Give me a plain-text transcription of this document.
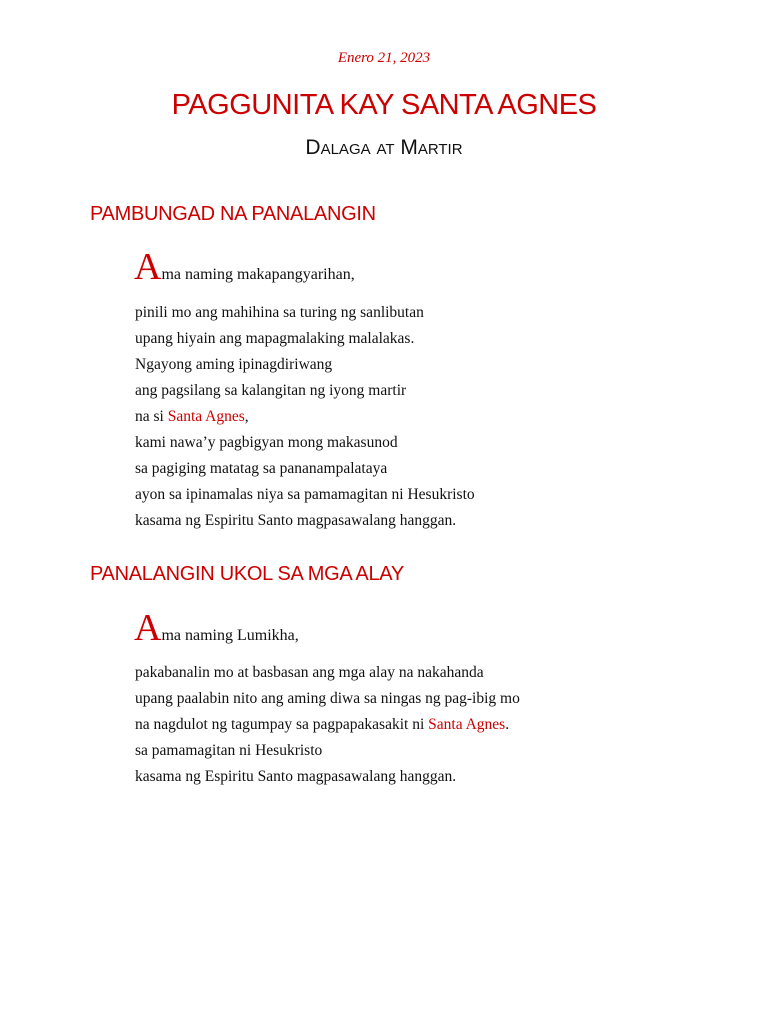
Enero 21, 2023
PAGGUNITA KAY SANTA AGNES
Dalaga at Martir
PAMBUNGAD NA PANALANGIN
Ama naming makapangyarihan,
pinili mo ang mahihina sa turing ng sanlibutan
upang hiyain ang mapagmalaking malalakas.
Ngayong aming ipinagdiriwang
ang pagsilang sa kalangitan ng iyong martir
na si Santa Agnes,
kami nawa’y pagbigyan mong makasunod
sa pagiging matatag sa pananampalataya
ayon sa ipinamalas niya sa pamamagitan ni Hesukristo
kasama ng Espiritu Santo magpasawalang hanggan.
PANALANGIN UKOL SA MGA ALAY
Ama naming Lumikha,
pakabanalin mo at basbasan ang mga alay na nakahanda
upang paalabin nito ang aming diwa sa ningas ng pag-ibig mo
na nagdulot ng tagumpay sa pagpapakasakit ni Santa Agnes.
sa pamamagitan ni Hesukristo
kasama ng Espiritu Santo magpasawalang hanggan.
